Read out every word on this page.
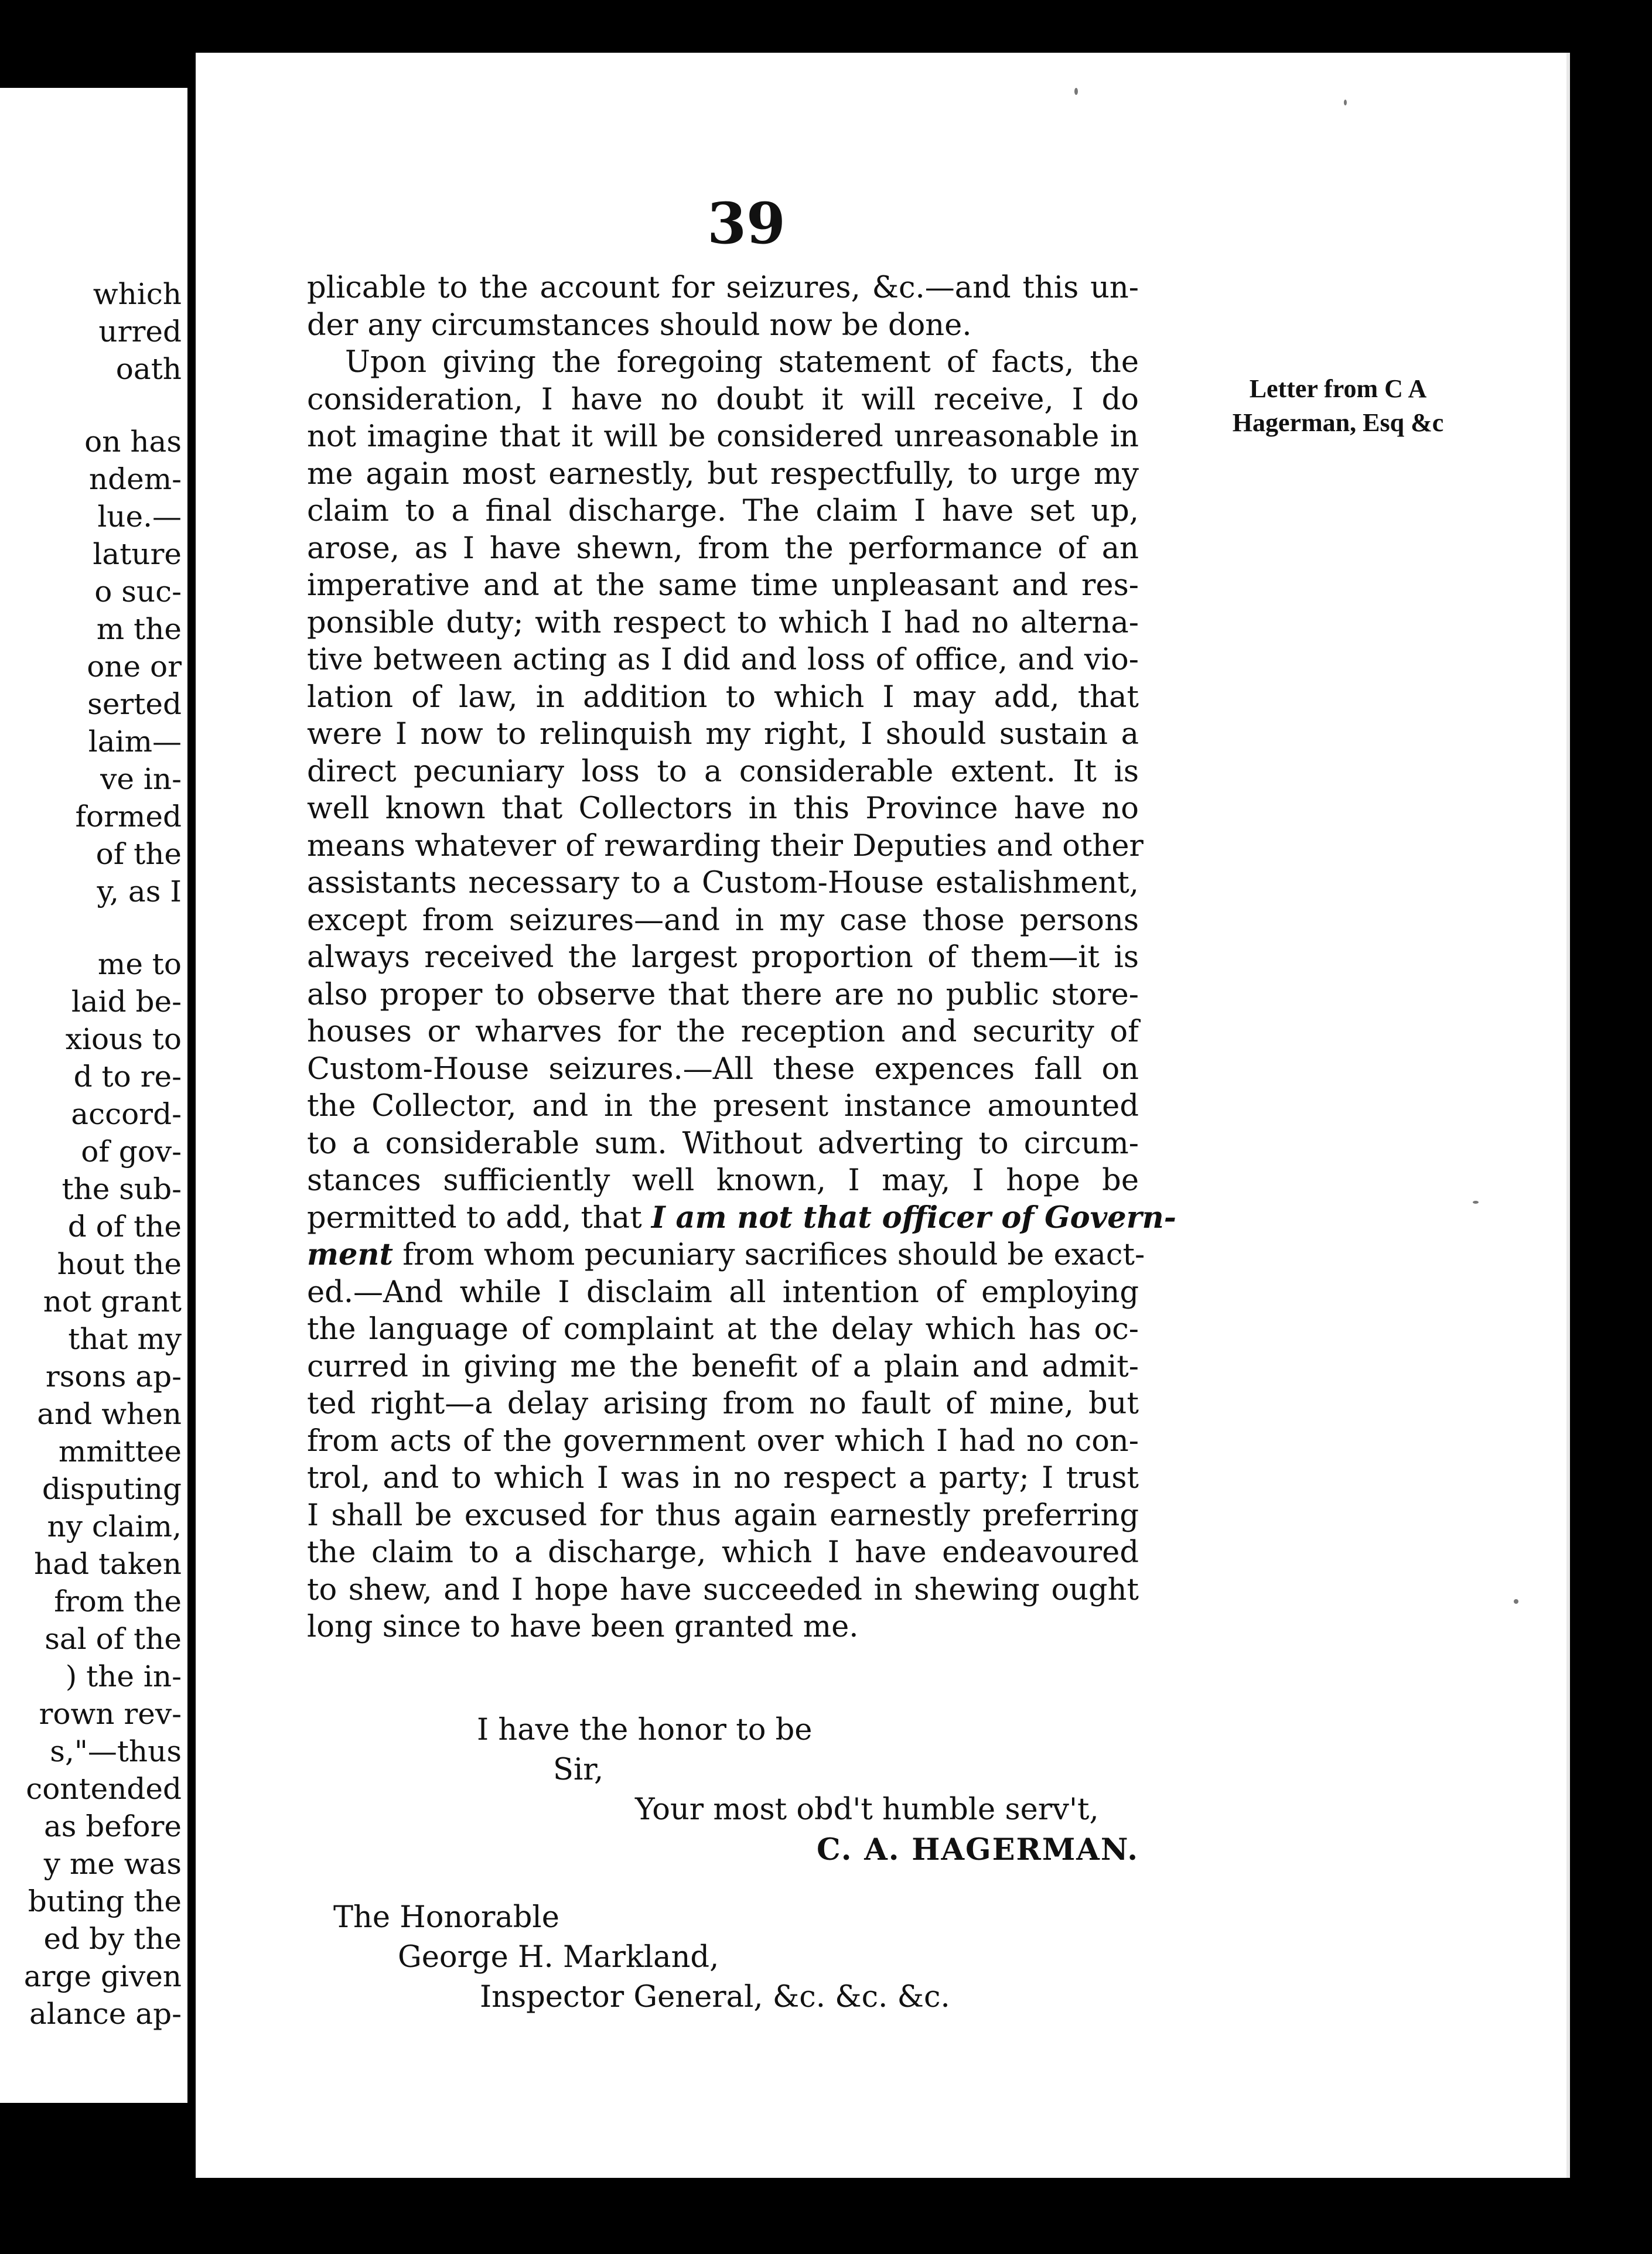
which
urred
oath
on has
ndem-
lue.—
lature
o suc-
m the
one or
serted
laim—
ve in-
formed
of the
y, as I
me to
laid be-
xious to
d to re-
accord-
of gov-
the sub-
d of the
hout the
not grant
that my
rsons ap-
and when
mmittee
disputing
ny claim,
had taken
from the
sal of the
) the in-
rown rev-
s,"—thus
contended
as before
y me was
buting the
ed by the
arge given
alance ap-
39
plicable to the account for seizures, &c.—and this un-
der any circumstances should now be done.
Upon giving the foregoing statement of facts, the
consideration, I have no doubt it will receive, I do
not imagine that it will be considered unreasonable in
me again most earnestly, but respectfully, to urge my
claim to a final discharge. The claim I have set up,
arose, as I have shewn, from the performance of an
imperative and at the same time unpleasant and res-
ponsible duty; with respect to which I had no alterna-
tive between acting as I did and loss of office, and vio-
lation of law, in addition to which I may add, that
were I now to relinquish my right, I should sustain a
direct pecuniary loss to a considerable extent. It is
well known that Collectors in this Province have no
means whatever of rewarding their Deputies and other
assistants necessary to a Custom-House estalishment,
except from seizures—and in my case those persons
always received the largest proportion of them—it is
also proper to observe that there are no public store-
houses or wharves for the reception and security of
Custom-House seizures.—All these expences fall on
the Collector, and in the present instance amounted
to a considerable sum. Without adverting to circum-
stances sufficiently well known, I may, I hope be
permitted to add, that I am not that officer of Govern-
ment from whom pecuniary sacrifices should be exact-
ed.—And while I disclaim all intention of employing
the language of complaint at the delay which has oc-
curred in giving me the benefit of a plain and admit-
ted right—a delay arising from no fault of mine, but
from acts of the government over which I had no con-
trol, and to which I was in no respect a party; I trust
I shall be excused for thus again earnestly preferring
the claim to a discharge, which I have endeavoured
to shew, and I hope have succeeded in shewing ought
long since to have been granted me.
Letter from C A
Hagerman, Esq &c
I have the honor to be
Sir,
Your most obd't humble serv't,
C. A. HAGERMAN.
The Honorable
George H. Markland,
Inspector General, &c. &c. &c.
